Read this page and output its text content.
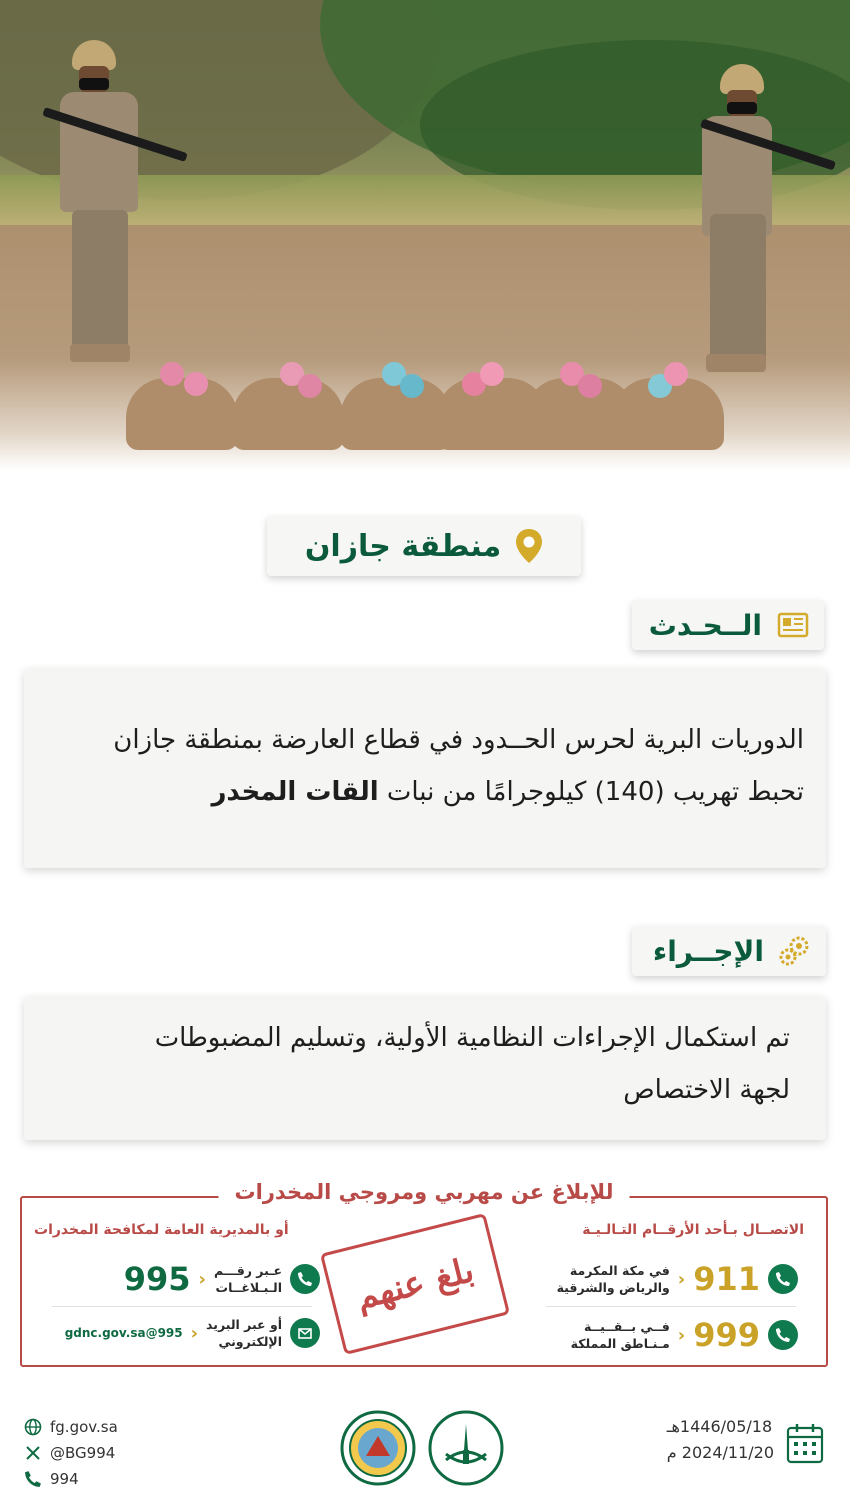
منطقة جازان
الــحـدث

الدوريات البرية لحرس الحــدود في قطاع العارضة بمنطقة جازان

تحبط تهريب (140) كيلوجرامًا من نبات القات المخدر

الإجــراء

تم استكمال الإجراءات النظامية الأولية، وتسليم المضبوطات

لجهة الاختصاص

للإبلاغ عن مهربي ومروجي المخدرات
الاتصــال بـأحد الأرقــام التـالـيـة
أو بالمديرية العامة لمكافحة المخدرات
911
‹
في مكة المكرمة
والرياض والشرقية
999
‹
فــي بــقــيــة
مـنـاطق المملكة
عـبر رقـــم
الـبـلاغــات
‹
995
أو عبر البريد
الإلكتروني
‹
995@gdnc.gov.sa
بلغ عنهم
fg.gov.sa
@BG994
994
1446/05/18هـ
2024/11/20 م
